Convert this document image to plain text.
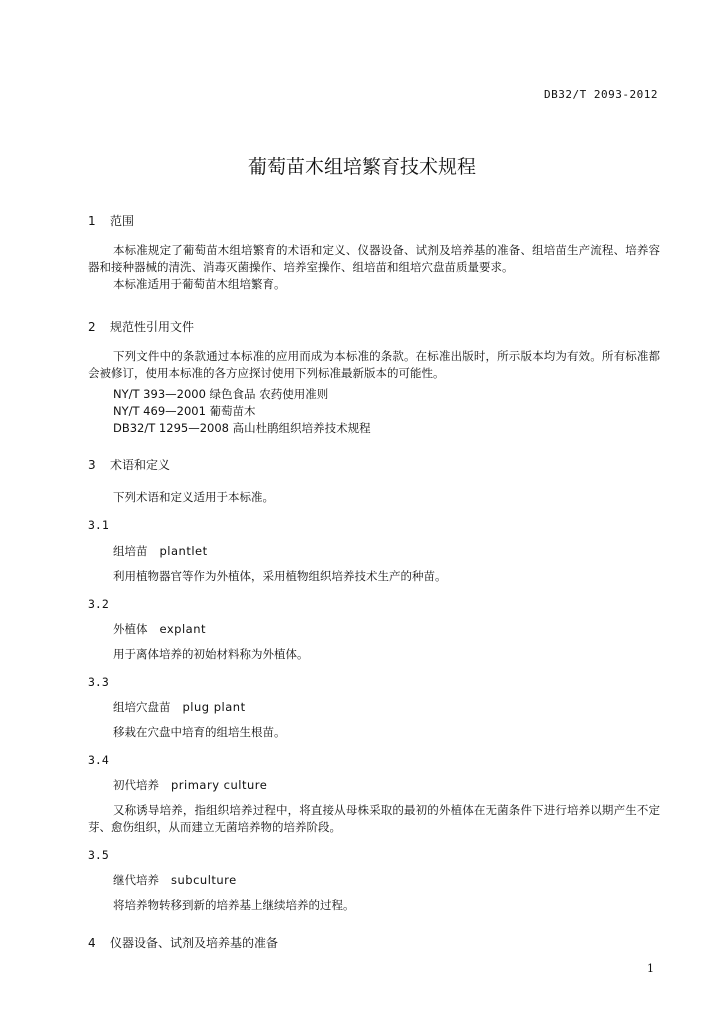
DB32/T 2093-2012
葡萄苗木组培繁育技术规程
1 范围
本标准规定了葡萄苗木组培繁育的术语和定义、仪器设备、试剂及培养基的准备、组培苗生产流程、培养容器和接种器械的清洗、消毒灭菌操作、培养室操作、组培苗和组培穴盘苗质量要求。
本标准适用于葡萄苗木组培繁育。
2 规范性引用文件
下列文件中的条款通过本标准的应用而成为本标准的条款。在标准出版时，所示版本均为有效。所有标准都会被修订，使用本标准的各方应探讨使用下列标准最新版本的可能性。
NY/T 393—2000 绿色食品 农药使用准则
NY/T 469—2001 葡萄苗木
DB32/T 1295—2008 高山杜鹃组织培养技术规程
3 术语和定义
下列术语和定义适用于本标准。
3.1
组培苗 plantlet
利用植物器官等作为外植体，采用植物组织培养技术生产的种苗。
3.2
外植体 explant
用于离体培养的初始材料称为外植体。
3.3
组培穴盘苗 plug plant
移栽在穴盘中培育的组培生根苗。
3.4
初代培养 primary culture
又称诱导培养，指组织培养过程中，将直接从母株采取的最初的外植体在无菌条件下进行培养以期产生不定芽、愈伤组织，从而建立无菌培养物的培养阶段。
3.5
继代培养 subculture
将培养物转移到新的培养基上继续培养的过程。
4 仪器设备、试剂及培养基的准备
1
